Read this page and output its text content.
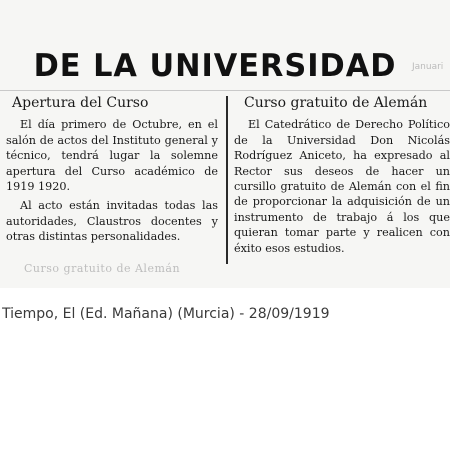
DE LA UNIVERSIDAD	Januari
Apertura del Curso

El día primero de Octubre, en el salón de actos del Instituto general y técnico, tendrá lugar la solemne apertura del Curso académico de 1919 1920.

Al acto están invitadas todas las autoridades, Claustros docentes y otras distintas personalidades.

Curso gratuito de Alemán

El Catedrático de Derecho Político de la Universidad Don Nicolás Rodríguez Aniceto, ha expresado al Rector sus deseos de hacer un cursillo gratuito de Alemán con el fin de proporcionar la adquisición de un instrumento de trabajo á los que quieran tomar parte y realicen con éxito esos estudios.

Curso gratuito de Alemán
Tiempo, El (Ed. Mañana) (Murcia) - 28/09/1919
